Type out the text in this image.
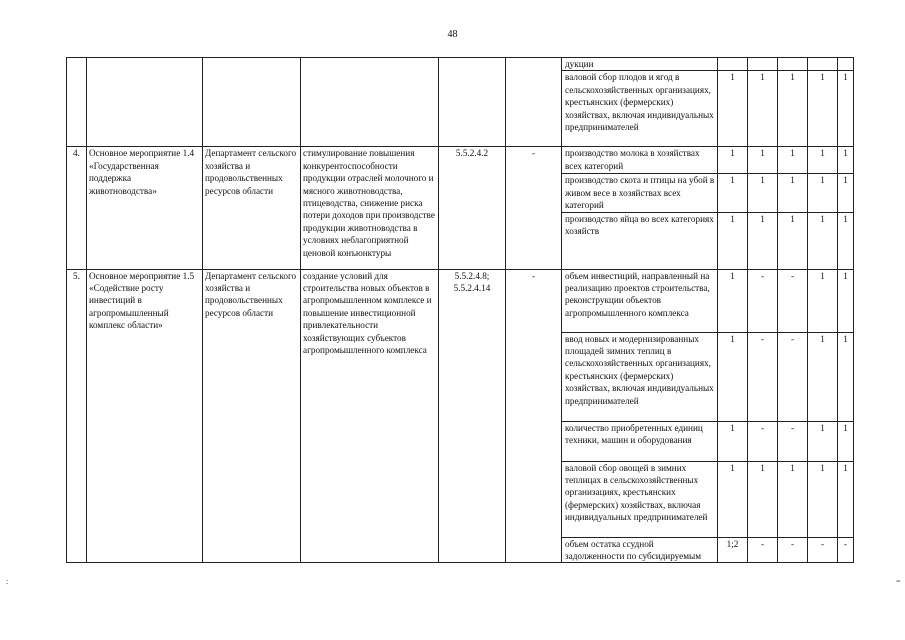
48
:	=
						дукции					
						валовой сбор плодов и ягод в сельскохозяйственных организациях, крестьянских (фермерских) хозяйствах, включая индивидуальных предпринимателей	1	1	1	1	1
4.	Основное мероприятие 1.4 «Государственная поддержка животноводства»	Департамент сельского хозяйства и продовольственных ресурсов области	стимулирование повышения конкурентоспособности продукции отраслей молочного и мясного животноводства, птицеводства, снижение риска потери доходов при производстве продукции животноводства в условиях неблагоприятной ценовой конъюнктуры	5.5.2.4.2	-	производство молока в хозяйствах всех категорий	1	1	1	1	1
						производство скота и птицы на убой в живом весе в хозяйствах всех категорий	1	1	1	1	1
						производство яйца во всех категориях хозяйств	1	1	1	1	1
5.	Основное мероприятие 1.5 «Содействие росту инвестиций в агропромышленный комплекс области»	Департамент сельского хозяйства и продовольственных ресурсов области	создание условий для строительства новых объектов в агропромышленном комплексе и повышение инвестиционной привлекательности хозяйствующих субъектов агропромышленного комплекса	5.5.2.4.8; 5.5.2.4.14	-	объем инвестиций, направленный на реализацию проектов строительства, реконструкции объектов агропромышленного комплекса	1	-	-	1	1
						ввод новых и модернизированных площадей зимних теплиц в сельскохозяйственных организациях, крестьянских (фермерских) хозяйствах, включая индивидуальных предпринимателей	1	-	-	1	1
						количество приобретенных единиц техники, машин и оборудования	1	-	-	1	1
						валовой сбор овощей в зимних теплицах в сельскохозяйственных организациях, крестьянских (фермерских) хозяйствах, включая индивидуальных предпринимателей	1	1	1	1	1
						объем остатка ссудной задолженности по субсидируемым	1;2	-	-	-	-
